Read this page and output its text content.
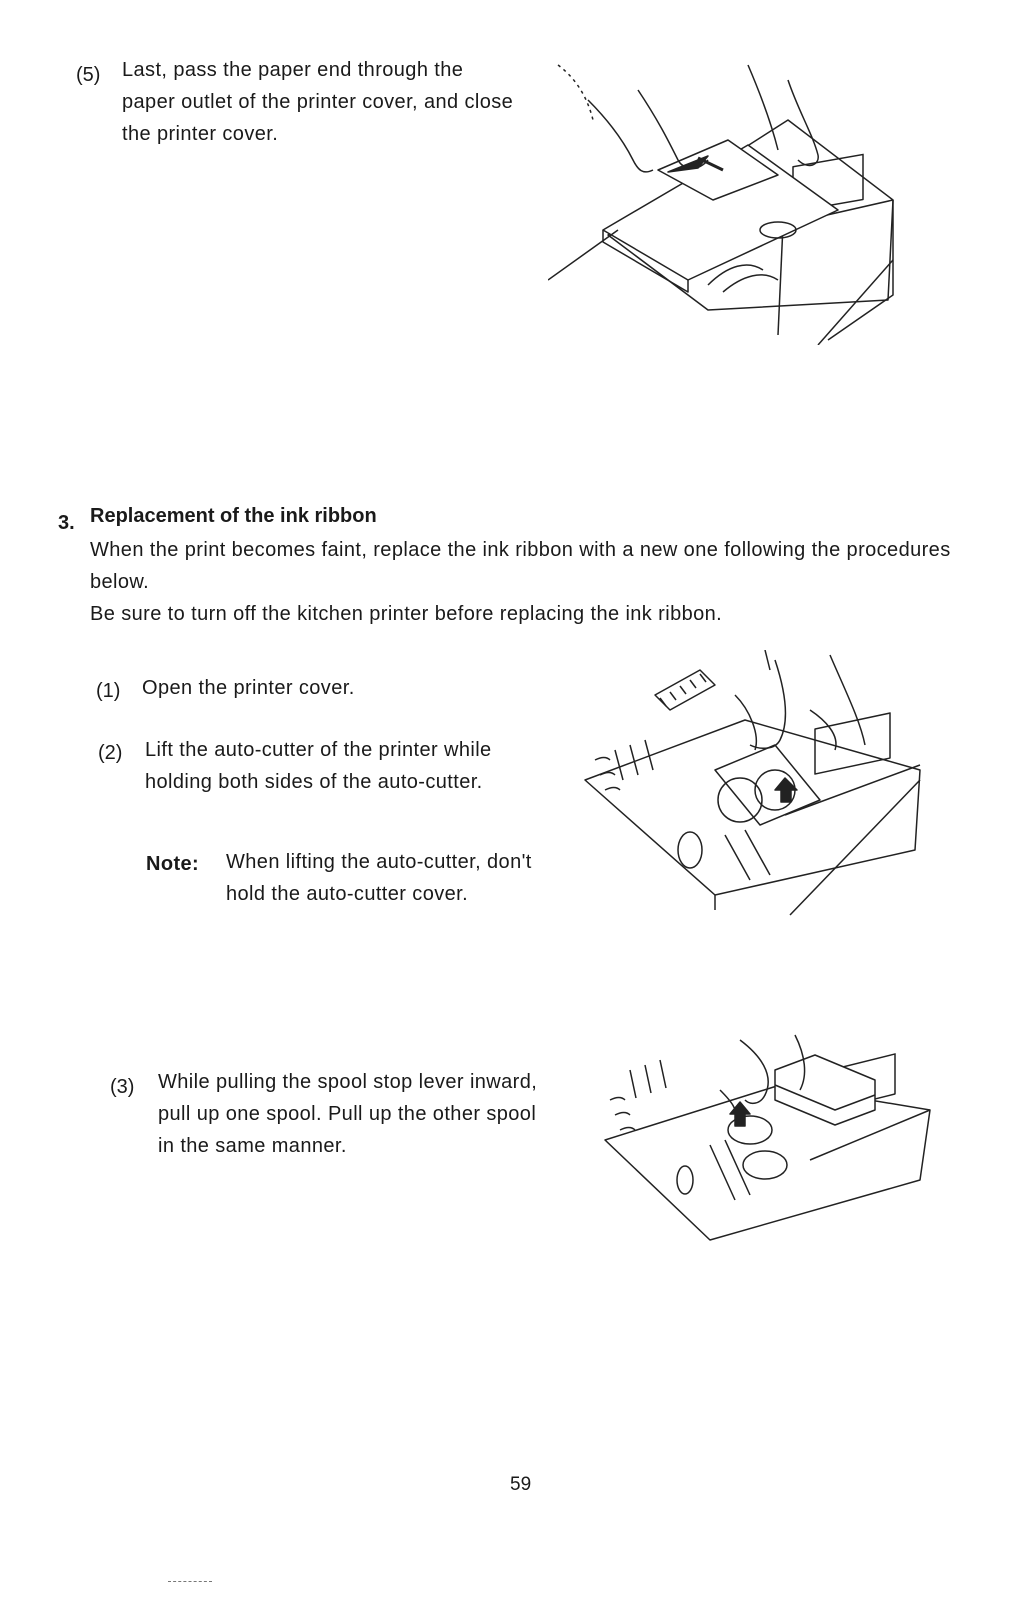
(5) Last, pass the paper end through the paper outlet of the printer cover, and close the printer cover.
3. Replacement of the ink ribbon
When the print becomes faint, replace the ink ribbon with a new one following the procedures below.
Be sure to turn off the kitchen printer before replacing the ink ribbon.
(1) Open the printer cover.
(2) Lift the auto-cutter of the printer while holding both sides of the auto-cutter.
Note: When lifting the auto-cutter, don't hold the auto-cutter cover.
(3) While pulling the spool stop lever inward, pull up one spool. Pull up the other spool in the same manner.
59
